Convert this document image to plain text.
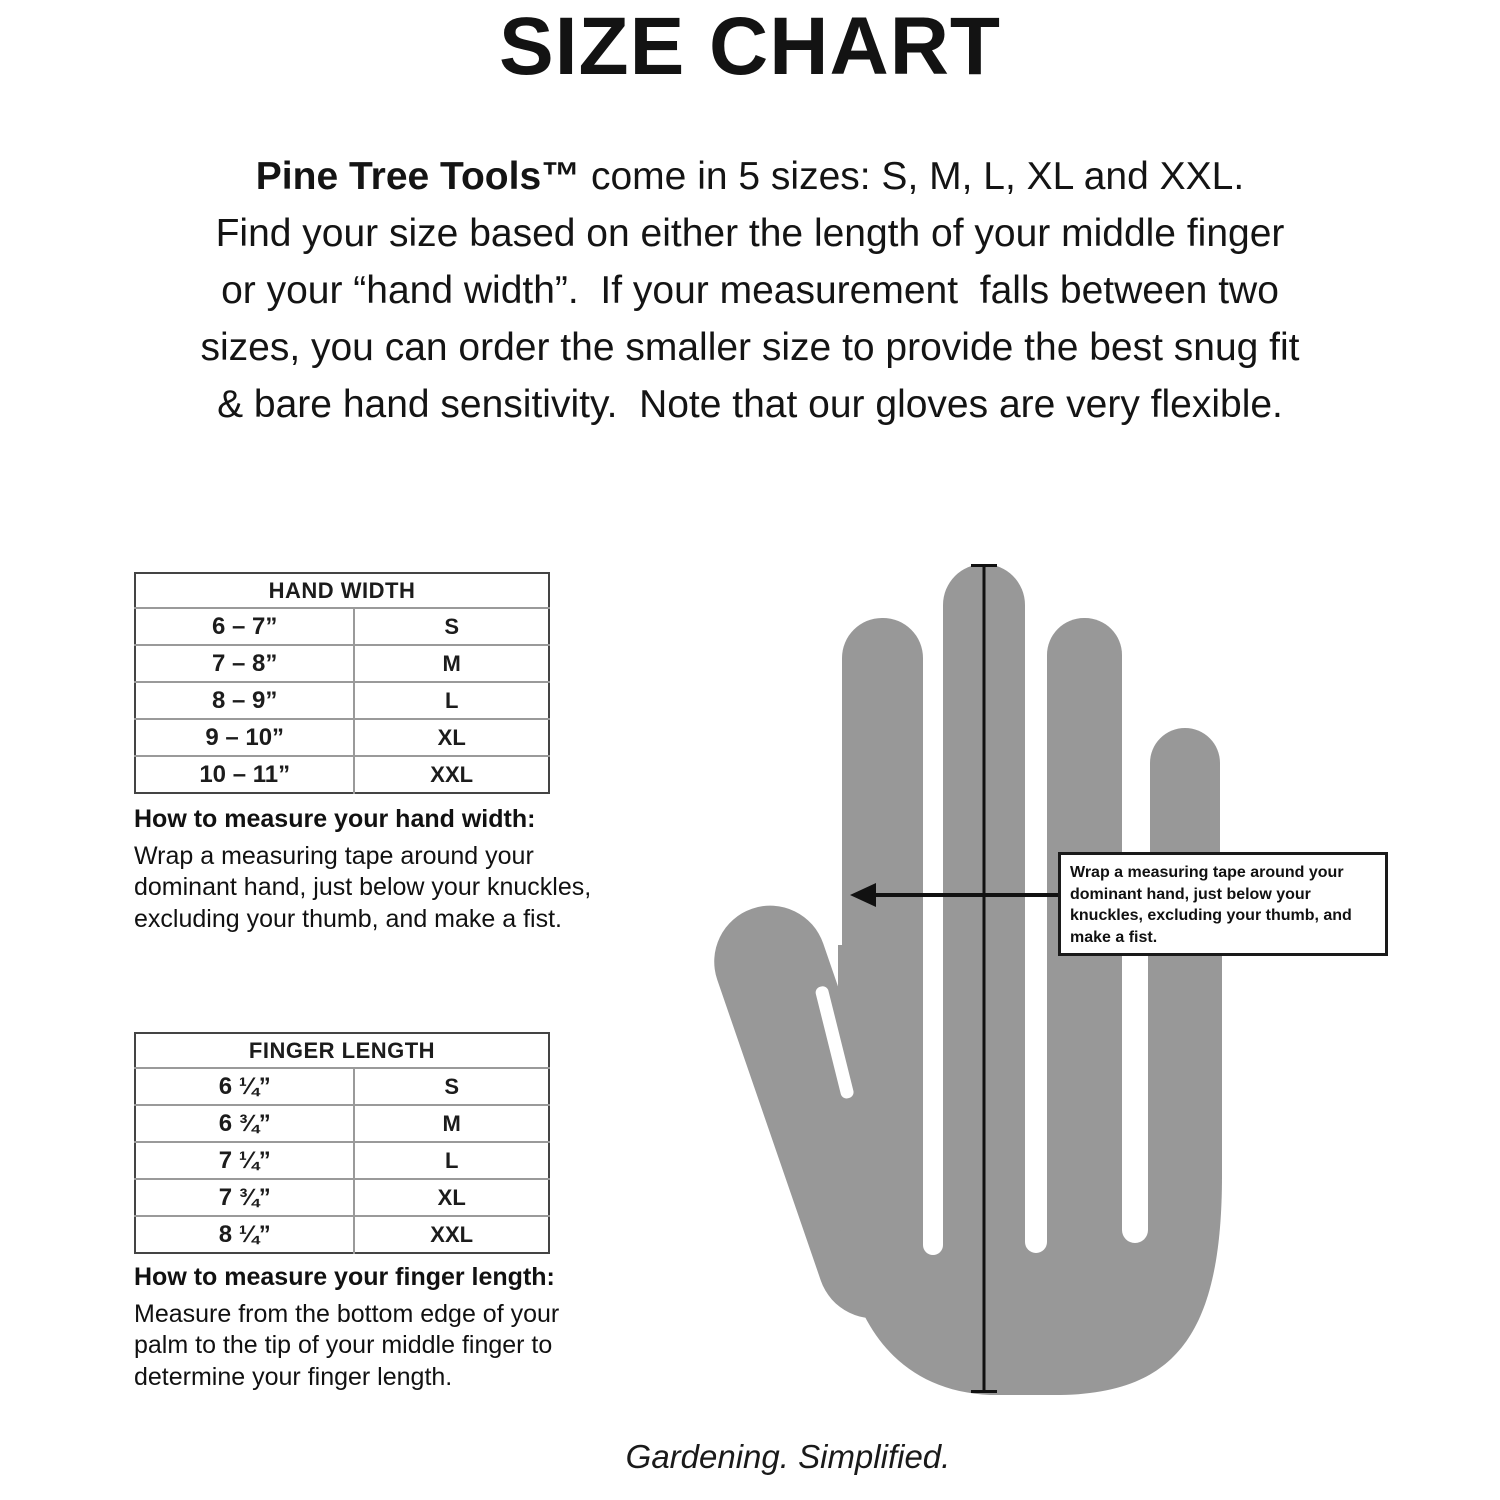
SIZE CHART
Pine Tree Tools™ come in 5 sizes: S, M, L, XL and XXL.
Find your size based on either the length of your middle finger
or your “hand width”.  If your measurement  falls between two
sizes, you can order the smaller size to provide the best snug fit
& bare hand sensitivity.  Note that our gloves are very flexible.
HAND WIDTH	
6 – 7”	S
7 – 8”	M
8 – 9”	L
9 – 10”	XL
10 – 11”	XXL
How to measure your hand width:
Wrap a measuring tape around your
dominant hand, just below your knuckles,
excluding your thumb, and make a fist.
FINGER LENGTH	
6 ¼”	S
6 ¾”	M
7 ¼”	L
7 ¾”	XL
8 ¼”	XXL
How to measure your finger length:
Measure from the bottom edge of your
palm to the tip of your middle finger to
determine your finger length.
Wrap a measuring tape around your dominant hand, just below your knuckles, excluding your thumb, and make a fist.
Gardening. Simplified.
